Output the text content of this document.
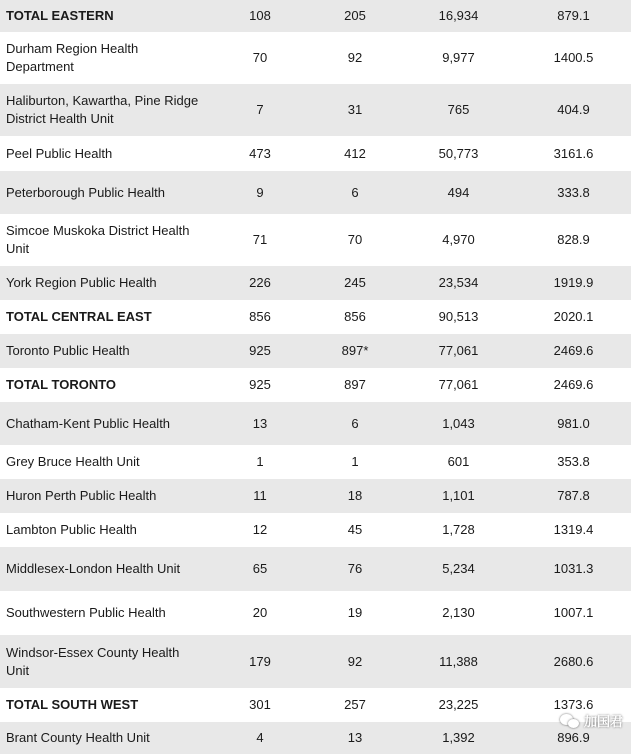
TOTAL EASTERN	108	205	16,934	879.1
Durham Region Health Department	70	92	9,977	1400.5
Haliburton, Kawartha, Pine Ridge District Health Unit	7	31	765	404.9
Peel Public Health	473	412	50,773	3161.6
Peterborough Public Health	9	6	494	333.8
Simcoe Muskoka District Health Unit	71	70	4,970	828.9
York Region Public Health	226	245	23,534	1919.9
TOTAL CENTRAL EAST	856	856	90,513	2020.1
Toronto Public Health	925	897*	77,061	2469.6
TOTAL TORONTO	925	897	77,061	2469.6
Chatham-Kent Public Health	13	6	1,043	981.0
Grey Bruce Health Unit	1	1	601	353.8
Huron Perth Public Health	11	18	1,101	787.8
Lambton Public Health	12	45	1,728	1319.4
Middlesex-London Health Unit	65	76	5,234	1031.3
Southwestern Public Health	20	19	2,130	1007.1
Windsor-Essex County Health Unit	179	92	11,388	2680.6
TOTAL SOUTH WEST	301	257	23,225	1373.6
Brant County Health Unit	4	13	1,392	896.9
加国君
